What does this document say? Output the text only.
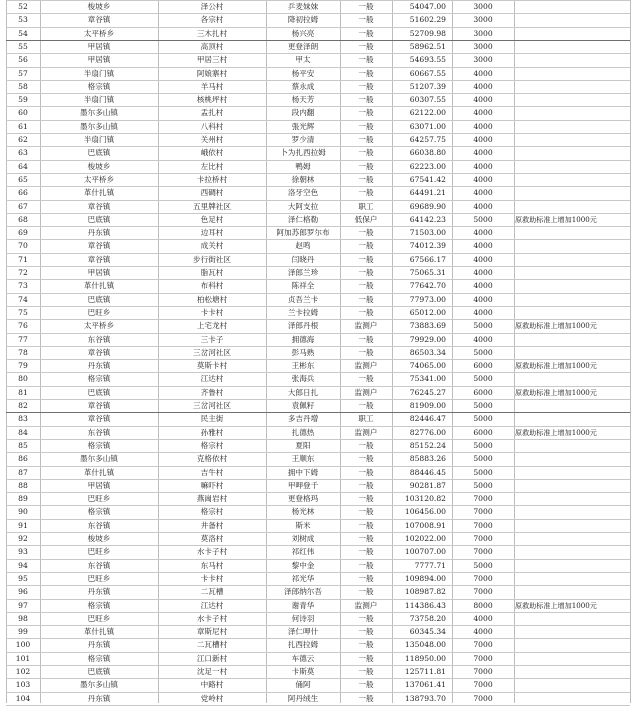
52	梭坡乡	泽公村	乒麦妹妹	一般	54047.00	3000
53	章谷镇	各宗村	降初拉姆	一般	51602.29	3000
54	太平桥乡	三木扎村	杨兴亮	一般	52709.98	3000
55	甲居镇	高顶村	更登泽朗	一般	58962.51	3000
56	甲居镇	甲居三村	甲太	一般	54693.55	3000
57	半扇门镇	阿娘寨村	杨平安	一般	60667.55	4000
58	格宗镇	羊马村	蔡永成	一般	51207.39	4000
59	半扇门镇	核桃坪村	杨天芳	一般	60307.55	4000
60	墨尔多山镇	盂扎村	段内翻	一般	62122.00	4000
61	墨尔多山镇	八科村	張光辉	一般	63071.00	4000
62	半扇门镇	关州村	罗少清	一般	64257.75	4000
63	巴底镇	峨依村	卜为扎西拉姆	一般	66038.80	4000
64	梭坡乡	左比村	鸭姆	一般	62223.00	4000
65	太平桥乡	卡拉桥村	徐朝林	一般	67541.42	4000
66	革什扎镇	西碉村	洛牙空色	一般	64491.21	4000
67	章谷镇	五里牌社区	大阿支拉	职工	69689.90	4000
68	巴底镇	色足村	泽仁格勒	低保户	64142.23	5000	原救助标准上增加1000元
69	丹东镇	边耳村	阿加苏郎罗尔布	一般	71503.00	4000
70	章谷镇	成关村	赵鸣	一般	74012.39	4000
71	章谷镇	步行街社区	闫晓丹	一般	67566.17	4000
72	甲居镇	脂瓦村	泽郎兰珍	一般	75065.31	4000
73	革什扎镇	布科村	陈祥全	一般	77642.70	4000
74	巴底镇	柏松塘村	贞吾兰卡	一般	77973.00	4000
75	巴旺乡	卡卡村	兰卡拉姆	一般	65012.00	4000
76	太平桥乡	上宅龙村	泽郎丹根	监测户	73883.69	5000	原救助标准上增加1000元
77	东谷镇	三卡子	拥德海	一般	79929.00	4000
78	章谷镇	三岔河社区	彭马熟	一般	86503.34	5000
79	丹东镇	莫斯卡村	王彬东	监测户	74065.00	6000	原救助标准上增加1000元
80	格宗镇	江达村	张海兵	一般	75341.00	5000
81	巴底镇	齐鲁村	大郎日扎	监测户	76245.27	6000	原救助标准上增加1000元
82	章谷镇	三岔河社区	袁佩籽	一般	81909.00	5000
83	章谷镇	民主街	多吉丹增	职工	82446.47	5000
84	东谷镇	孙雅村	扎德热	监测户	82776.00	6000	原救助标准上增加1000元
85	格宗镇	格宗村	夏阳	一般	85152.24	5000
86	墨尔多山镇	克格依村	王顺东	一般	85883.26	5000
87	革什扎镇	吉牛村	拥中下姆	一般	88446.45	5000
88	甲居镇	嘛吓村	甲呷登千	一般	90281.87	5000
89	巴旺乡	燕崗岩村	更登格玛	一般	103120.82	7000
90	格宗镇	格宗村	杨光林	一般	106456.00	7000
91	东谷镇	井备村	斯米	一般	107008.91	7000
92	梭坡乡	莫洛村	刘树成	一般	102022.00	7000
93	巴旺乡	水卡子村	祁红伟	一般	100707.00	7000
94	东谷镇	东马村	黎中金	一般	7777.71	5000
95	巴旺乡	卡卡村	祁光华	一般	109894.00	7000
96	丹东镇	二瓦槽	泽郎纳尔吾	一般	108987.82	7000
97	格宗镇	江达村	谢青华	监测户	114386.43	8000	原救助标准上增加1000元
98	巴旺乡	水卡子村	何诗羽	一般	73758.20	4000
99	革什扎镇	章斯尼村	泽仁呷什	一般	60345.34	4000
100	丹东镇	二瓦槽村	扎西拉姆	一般	135048.00	7000
101	格宗镇	江口新村	车德云	一般	118950.00	7000
102	巴底镇	沈足一村	卡斯莫	一般	125711.81	7000
103	墨尔多山镇	中路村	俑阿	一般	137061.41	7000
104	丹东镇	党岭村	阿丹绒生	一般	138793.70	7000
